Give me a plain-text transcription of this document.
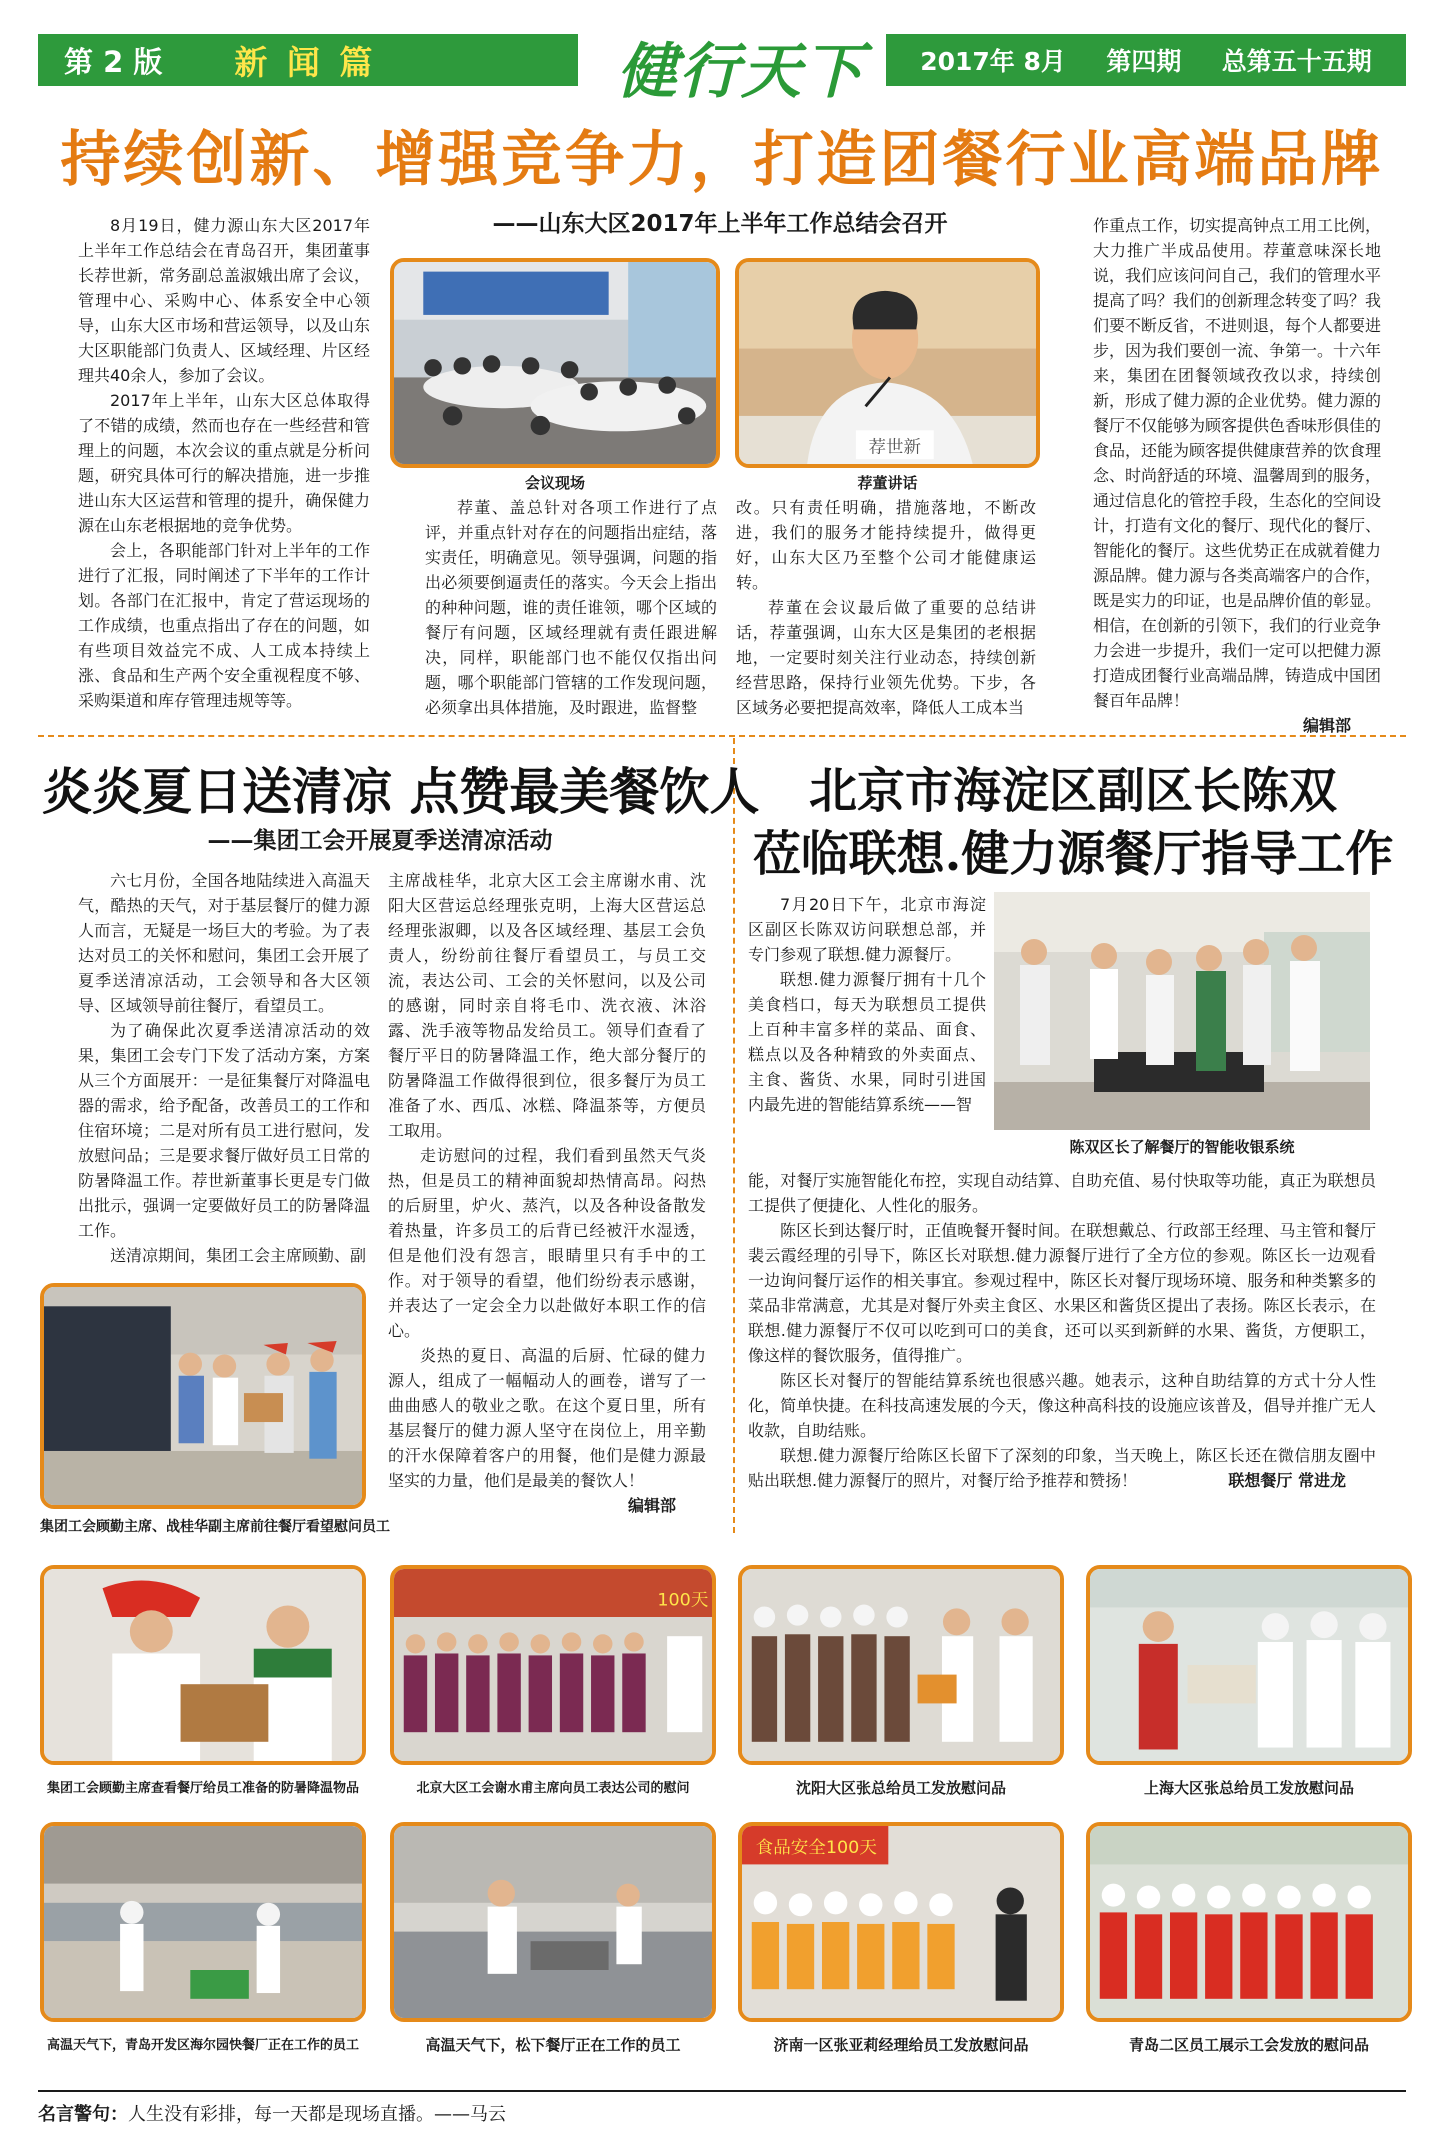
第 2 版 新 闻 篇	健行天下 2017年 8月 第四期 总第五十五期
持续创新、增强竞争力，打造团餐行业高端品牌
——山东大区2017年上半年工作总结会召开

8月19日，健力源山东大区2017年上半年工作总结会在青岛召开，集团董事长荐世新，常务副总盖淑娥出席了会议，管理中心、采购中心、体系安全中心领导，山东大区市场和营运领导，以及山东大区职能部门负责人、区域经理、片区经理共40余人，参加了会议。

2017年上半年，山东大区总体取得了不错的成绩，然而也存在一些经营和管理上的问题，本次会议的重点就是分析问题，研究具体可行的解决措施，进一步推进山东大区运营和管理的提升，确保健力源在山东老根据地的竞争优势。

会上，各职能部门针对上半年的工作进行了汇报，同时阐述了下半年的工作计划。各部门在汇报中，肯定了营运现场的工作成绩，也重点指出了存在的问题，如有些项目效益完不成、人工成本持续上涨、食品和生产两个安全重视程度不够、采购渠道和库存管理违规等等。

会议现场
荐世新
荐董讲话

荐董、盖总针对各项工作进行了点评，并重点针对存在的问题指出症结，落实责任，明确意见。领导强调，问题的指出必须要倒逼责任的落实。今天会上指出的种种问题，谁的责任谁领，哪个区域的餐厅有问题，区域经理就有责任跟进解决，同样，职能部门也不能仅仅指出问题，哪个职能部门管辖的工作发现问题，必须拿出具体措施，及时跟进，监督整

改。只有责任明确，措施落地，不断改进，我们的服务才能持续提升，做得更好，山东大区乃至整个公司才能健康运转。

荐董在会议最后做了重要的总结讲话，荐董强调，山东大区是集团的老根据地，一定要时刻关注行业动态，持续创新经营思路，保持行业领先优势。下步，各区域务必要把提高效率，降低人工成本当

作重点工作，切实提高钟点工用工比例，大力推广半成品使用。荐董意味深长地说，我们应该问问自己，我们的管理水平提高了吗？我们的创新理念转变了吗？我们要不断反省，不进则退，每个人都要进步，因为我们要创一流、争第一。十六年来，集团在团餐领域孜孜以求，持续创新，形成了健力源的企业优势。健力源的餐厅不仅能够为顾客提供色香味形俱佳的食品，还能为顾客提供健康营养的饮食理念、时尚舒适的环境、温馨周到的服务，通过信息化的管控手段，生态化的空间设计，打造有文化的餐厅、现代化的餐厅、智能化的餐厅。这些优势正在成就着健力源品牌。健力源与各类高端客户的合作，既是实力的印证，也是品牌价值的彰显。相信，在创新的引领下，我们的行业竞争力会进一步提升，我们一定可以把健力源打造成团餐行业高端品牌，铸造成中国团餐百年品牌！

编辑部
炎炎夏日送清凉 点赞最美餐饮人
——集团工会开展夏季送清凉活动

六七月份，全国各地陆续进入高温天气，酷热的天气，对于基层餐厅的健力源人而言，无疑是一场巨大的考验。为了表达对员工的关怀和慰问，集团工会开展了夏季送清凉活动，工会领导和各大区领导、区域领导前往餐厅，看望员工。

为了确保此次夏季送清凉活动的效果，集团工会专门下发了活动方案，方案从三个方面展开：一是征集餐厅对降温电器的需求，给予配备，改善员工的工作和住宿环境；二是对所有员工进行慰问，发放慰问品；三是要求餐厅做好员工日常的防暑降温工作。荐世新董事长更是专门做出批示，强调一定要做好员工的防暑降温工作。

送清凉期间，集团工会主席顾勤、副

主席战桂华，北京大区工会主席谢水甫、沈阳大区营运总经理张克明，上海大区营运总经理张淑卿，以及各区域经理、基层工会负责人，纷纷前往餐厅看望员工，与员工交流，表达公司、工会的关怀慰问，以及公司的感谢，同时亲自将毛巾、洗衣液、沐浴露、洗手液等物品发给员工。领导们查看了餐厅平日的防暑降温工作，绝大部分餐厅的防暑降温工作做得很到位，很多餐厅为员工准备了水、西瓜、冰糕、降温茶等，方便员工取用。

走访慰问的过程，我们看到虽然天气炎热，但是员工的精神面貌却热情高昂。闷热的后厨里，炉火、蒸汽，以及各种设备散发着热量，许多员工的后背已经被汗水湿透，但是他们没有怨言，眼睛里只有手中的工作。对于领导的看望，他们纷纷表示感谢，并表达了一定会全力以赴做好本职工作的信心。

炎热的夏日、高温的后厨、忙碌的健力源人，组成了一幅幅动人的画卷，谱写了一曲曲感人的敬业之歌。在这个夏日里，所有基层餐厅的健力源人坚守在岗位上，用辛勤的汗水保障着客户的用餐，他们是健力源最坚实的力量，他们是最美的餐饮人！

编辑部
集团工会顾勤主席、战桂华副主席前往餐厅看望慰问员工
北京市海淀区副区长陈双
莅临联想.健力源餐厅指导工作

7月20日下午，北京市海淀区副区长陈双访问联想总部，并专门参观了联想.健力源餐厅。

联想.健力源餐厅拥有十几个美食档口，每天为联想员工提供上百种丰富多样的菜品、面食、糕点以及各种精致的外卖面点、主食、酱货、水果，同时引进国内最先进的智能结算系统——智

陈双区长了解餐厅的智能收银系统

能，对餐厅实施智能化布控，实现自动结算、自助充值、易付快取等功能，真正为联想员工提供了便捷化、人性化的服务。

陈区长到达餐厅时，正值晚餐开餐时间。在联想戴总、行政部王经理、马主管和餐厅裴云霞经理的引导下，陈区长对联想.健力源餐厅进行了全方位的参观。陈区长一边观看一边询问餐厅运作的相关事宜。参观过程中，陈区长对餐厅现场环境、服务和种类繁多的菜品非常满意，尤其是对餐厅外卖主食区、水果区和酱货区提出了表扬。陈区长表示，在联想.健力源餐厅不仅可以吃到可口的美食，还可以买到新鲜的水果、酱货，方便职工，像这样的餐饮服务，值得推广。

陈区长对餐厅的智能结算系统也很感兴趣。她表示，这种自助结算的方式十分人性化，简单快捷。在科技高速发展的今天，像这种高科技的设施应该普及，倡导并推广无人收款，自助结账。

联想.健力源餐厅给陈区长留下了深刻的印象，当天晚上，陈区长还在微信朋友圈中贴出联想.健力源餐厅的照片，对餐厅给予推荐和赞扬！	联想餐厅 常进龙
集团工会顾勤主席查看餐厅给员工准备的防暑降温物品
100天
北京大区工会谢水甫主席向员工表达公司的慰问	沈阳大区张总给员工发放慰问品	上海大区张总给员工发放慰问品
高温天气下，青岛开发区海尔园快餐厂正在工作的员工	高温天气下，松下餐厅正在工作的员工
食品安全100天
济南一区张亚莉经理给员工发放慰问品	青岛二区员工展示工会发放的慰问品
名言警句：人生没有彩排，每一天都是现场直播。——马云
